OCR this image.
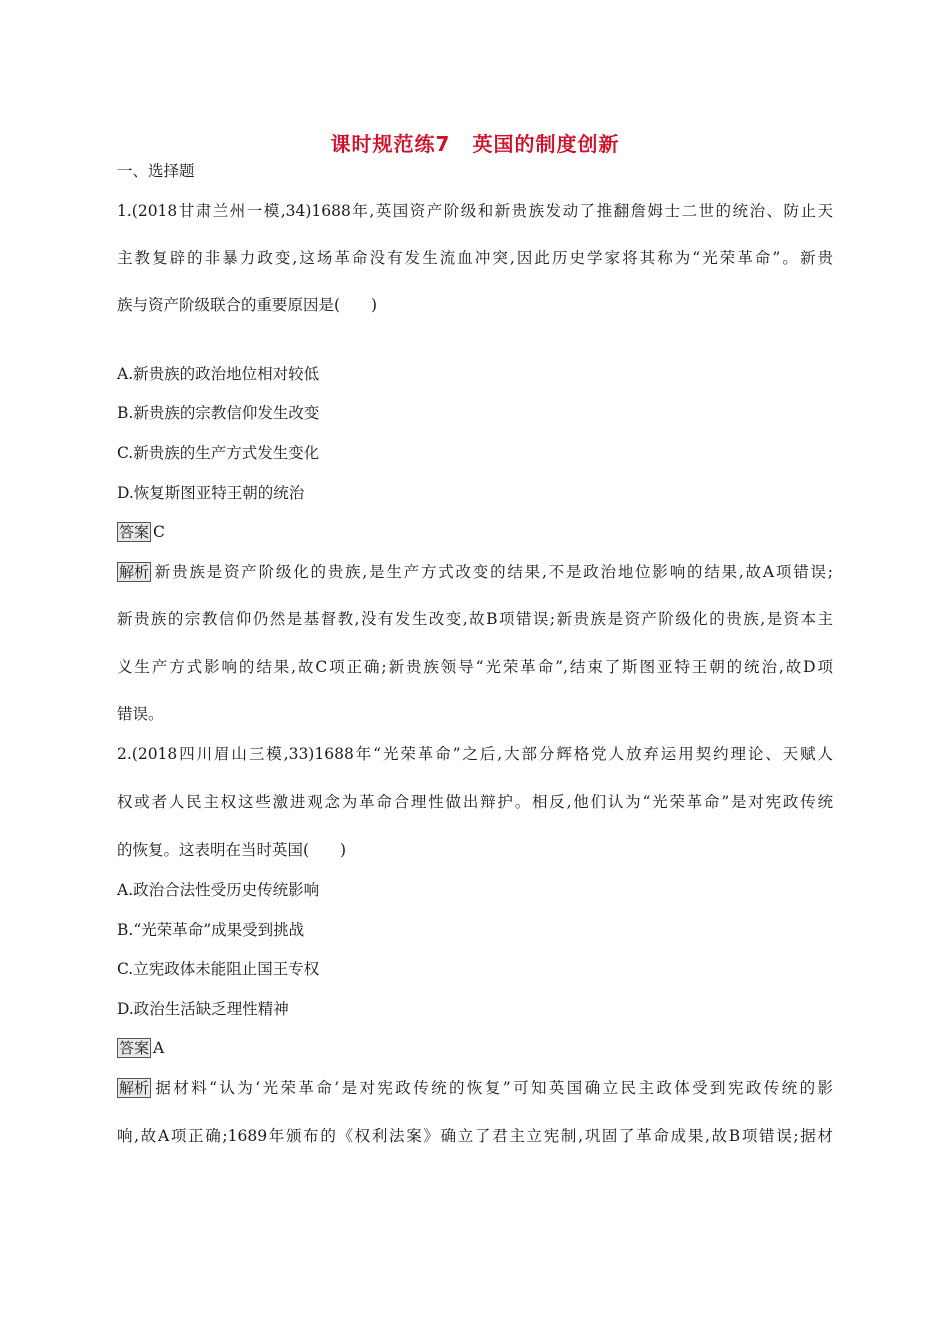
课时规范练7 英国的制度创新
一、选择题
1.(2018甘肃兰州一模,34)1688年,英国资产阶级和新贵族发动了推翻詹姆士二世的统治、防止天
主教复辟的非暴力政变,这场革命没有发生流血冲突,因此历史学家将其称为“光荣革命”。新贵
族与资产阶级联合的重要原因是(　　)
A.新贵族的政治地位相对较低
B.新贵族的宗教信仰发生改变
C.新贵族的生产方式发生变化
D.恢复斯图亚特王朝的统治
答案 C
解析 新贵族是资产阶级化的贵族,是生产方式改变的结果,不是政治地位影响的结果,故A项错误;
新贵族的宗教信仰仍然是基督教,没有发生改变,故B项错误;新贵族是资产阶级化的贵族,是资本主
义生产方式影响的结果,故C项正确;新贵族领导“光荣革命”,结束了斯图亚特王朝的统治,故D项
错误。
2.(2018四川眉山三模,33)1688年“光荣革命”之后,大部分辉格党人放弃运用契约理论、天赋人
权或者人民主权这些激进观念为革命合理性做出辩护。相反,他们认为“光荣革命”是对宪政传统
的恢复。这表明在当时英国(　　)
A.政治合法性受历史传统影响
B.“光荣革命”成果受到挑战
C.立宪政体未能阻止国王专权
D.政治生活缺乏理性精神
答案 A
解析 据材料“认为‘光荣革命’是对宪政传统的恢复”可知英国确立民主政体受到宪政传统的影
响,故A项正确;1689年颁布的《权利法案》确立了君主立宪制,巩固了革命成果,故B项错误;据材
